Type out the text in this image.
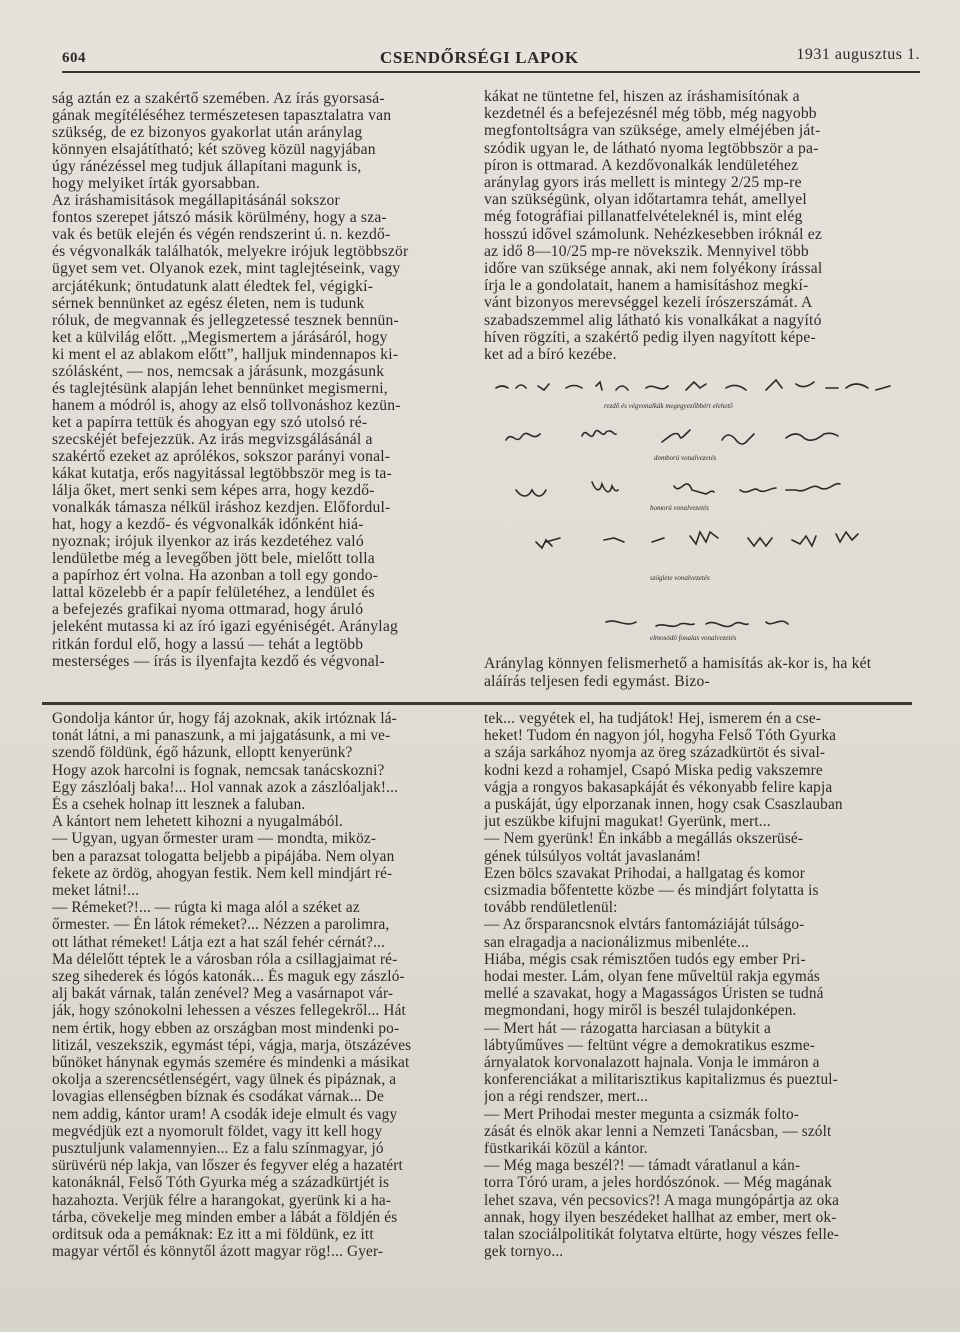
604	CSENDŐRSÉGI LAPOK	1931 augusztus 1.
ság aztán ez a szakértő szemében. Az írás gyorsasá-
gának megítéléséhez természetesen tapasztalatra van
szükség, de ez bizonyos gyakorlat után aránylag
könnyen elsajátítható; két szöveg közül nagyjában
úgy ránézéssel meg tudjuk állapítani magunk is,
hogy melyiket írták gyorsabban.
Az iráshamisitások megállapitásánál sokszor
fontos szerepet játszó másik körülmény, hogy a sza-
vak és betük elején és végén rendszerint ú. n. kezdő-
és végvonalkák találhatók, melyekre irójuk legtöbbször
ügyet sem vet. Olyanok ezek, mint taglejtéseink, vagy
arcjátékunk; öntudatunk alatt éledtek fel, végigkí-
sérnek bennünket az egész életen, nem is tudunk
róluk, de megvannak és jellegzetessé tesznek bennün-
ket a külvilág előtt. „Megismertem a járásáról, hogy
ki ment el az ablakom előtt”, halljuk mindennapos ki-
szólásként, — nos, nemcsak a járásunk, mozgásunk
és taglejtésünk alapján lehet bennünket megismerni,
hanem a módról is, ahogy az első tollvonáshoz kezün-
ket a papírra tettük és ahogyan egy szó utolsó ré-
szecskéjét befejezzük. Az irás megvizsgálásánál a
szakértő ezeket az aprólékos, sokszor parányi vonal-
kákat kutatja, erős nagyitással legtöbbször meg is ta-
lálja őket, mert senki sem képes arra, hogy kezdő-
vonalkák támasza nélkül iráshoz kezdjen. Előfordul-
hat, hogy a kezdő- és végvonalkák időnként hiá-
nyoznak; irójuk ilyenkor az irás kezdetéhez való
lendületbe még a levegőben jött bele, mielőtt tolla
a papírhoz ért volna. Ha azonban a toll egy gondo-
lattal közelebb ér a papír felületéhez, a lendület és
a befejezés grafikai nyoma ottmarad, hogy áruló
jeleként mutassa ki az író igazi egyéniségét. Aránylag
ritkán fordul elő, hogy a lassú — tehát a legtöbb
mesterséges — írás is ilyenfajta kezdő és végvonal-
kákat ne tüntetne fel, hiszen az íráshamisítónak a
kezdetnél és a befejezésnél még több, még nagyobb
megfontoltságra van szüksége, amely elméjében ját-
szódik ugyan le, de látható nyoma legtöbbször a pa-
píron is ottmarad. A kezdővonalkák lendületéhez
aránylag gyors irás mellett is mintegy 2/25 mp-re
van szükségünk, olyan időtartamra tehát, amellyel
még fotográfiai pillanatfelvételeknél is, mint elég
hosszú idővel számolunk. Nehézkesebben iróknál ez
az idő 8—10/25 mp-re növekszik. Mennyivel több
időre van szüksége annak, aki nem folyékony írással
írja le a gondolatait, hanem a hamisításhoz megkí-
vánt bizonyos merevséggel kezeli írószerszámát. A
szabadszemmel alig látható kis vonalkákat a nagyító
híven rögzíti, a szakértő pedig ilyen nagyított képe-
ket ad a bíró kezébe.
rezdő és végvonalkák megegyezőbbért elehető
domború vonalvezetés
homorú vonalvezetés
szöglete vonalvezetés
elmosódó fonalas vonalvezetés
Aránylag könnyen felismerhető a hamisítás ak-kor is, ha két aláírás teljesen fedi egymást. Bizo-
Gondolja kántor úr, hogy fáj azoknak, akik irtóznak lá-
tonát látni, a mi panaszunk, a mi jajgatásunk, a mi ve-
szendő földünk, égő házunk, elloptt kenyerünk?
Hogy azok harcolni is fognak, nemcsak tanácskozni?
Egy zászlóalj baka!... Hol vannak azok a zászlóaljak!...
És a csehek holnap itt lesznek a faluban.
A kántort nem lehetett kihozni a nyugalmából.
— Ugyan, ugyan őrmester uram — mondta, miköz-
ben a parazsat tologatta beljebb a pipájába. Nem olyan
fekete az ördög, ahogyan festik. Nem kell mindjárt ré-
meket látni!...
— Rémeket?!... — rúgta ki maga alól a széket az
őrmester. — Én látok rémeket?... Nézzen a parolimra,
ott láthat rémeket! Látja ezt a hat szál fehér cérnát?...
Ma délelőtt téptek le a városban róla a csillagjaimat ré-
szeg sihederek és lógós katonák... És maguk egy zászló-
alj bakát várnak, talán zenével? Meg a vasárnapot vár-
ják, hogy szónokolni lehessen a vészes fellegekről... Hát
nem értik, hogy ebben az országban most mindenki po-
litizál, veszekszik, egymást tépi, vágja, marja, ötszázéves
bűnöket hánynak egymás szemére és mindenki a másikat
okolja a szerencsétlenségért, vagy ülnek és pipáznak, a
lovagias ellenségben bíznak és csodákat várnak... De
nem addig, kántor uram! A csodák ideje elmult és vagy
megvédjük ezt a nyomorult földet, vagy itt kell hogy
pusztuljunk valamennyien... Ez a falu színmagyar, jó
sürüvérü nép lakja, van lőszer és fegyver elég a hazatért
katonáknál, Felső Tóth Gyurka még a századkürtjét is
hazahozta. Verjük félre a harangokat, gyerünk ki a ha-
tárba, cövekelje meg minden ember a lábát a földjén és
orditsuk oda a pemáknak: Ez itt a mi földünk, ez itt
magyar vértől és könnytől ázott magyar rög!... Gyer-
tek... vegyétek el, ha tudjátok! Hej, ismerem én a cse-
heket! Tudom én nagyon jól, hogyha Felső Tóth Gyurka
a szája sarkához nyomja az öreg századkürtöt és sival-
kodni kezd a rohamjel, Csapó Miska pedig vakszemre
vágja a rongyos bakasapkáját és vékonyabb felire kapja
a puskáját, úgy elporzanak innen, hogy csak Csaszlauban
jut eszükbe kifujni magukat! Gyerünk, mert...
— Nem gyerünk! Én inkább a megállás okszerüsé-
gének túlsúlyos voltát javaslanám!
Ezen bölcs szavakat Prihodai, a hallgatag és komor
csizmadia bőfentette közbe — és mindjárt folytatta is
tovább rendületlenül:
— Az őrsparancsnok elvtárs fantomáziáját túlságo-
san elragadja a nacionálizmus mibenléte...
Hiába, mégis csak rémisztően tudós egy ember Pri-
hodai mester. Lám, olyan fene műveltül rakja egymás
mellé a szavakat, hogy a Magasságos Úristen se tudná
megmondani, hogy miről is beszél tulajdonképen.
— Mert hát — rázogatta harciasan a bütykit a
lábtyűműves — feltünt végre a demokratikus eszme-
árnyalatok korvonalazott hajnala. Vonja le immáron a
konferenciákat a militarisztikus kapitalizmus és pueztul-
jon a régi rendszer, mert...
— Mert Prihodai mester megunta a csizmák folto-
zását és elnök akar lenni a Nemzeti Tanácsban, — szólt
füstkarikái közül a kántor.
— Még maga beszél?! — támadt váratlanul a kán-
torra Tóró uram, a jeles hordószónok. — Még magának
lehet szava, vén pecsovics?! A maga mungópártja az oka
annak, hogy ilyen beszédeket hallhat az ember, mert ok-
talan szociálpolitikát folytatva eltürte, hogy vészes felle-
gek tornyo...
